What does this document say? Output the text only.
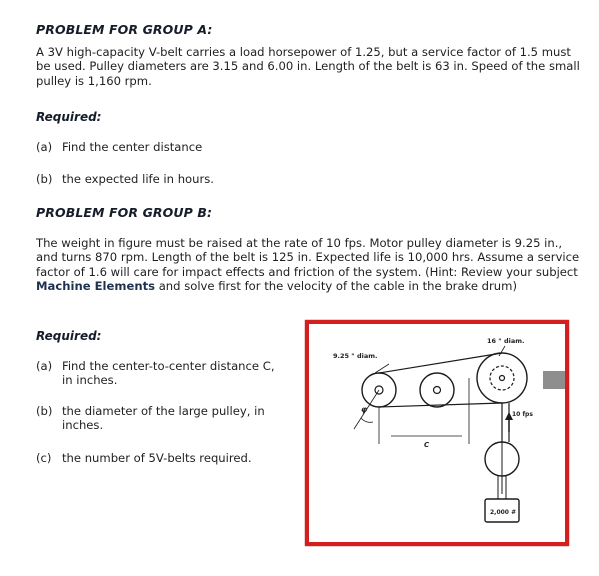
PROBLEM FOR GROUP A:

A 3V high-capacity V-belt carries a load horsepower of 1.25, but a service factor of 1.5 must be used. Pulley diameters are 3.15 and 6.00 in. Length of the belt is 63 in. Speed of the small pulley is 1,160 rpm.

Required:
(a) Find the center distance
(b) the expected life in hours.
PROBLEM FOR GROUP B:

The weight in figure must be raised at the rate of 10 fps. Motor pulley diameter is 9.25 in., and turns 870 rpm. Length of the belt is 125 in. Expected life is 10,000 hrs. Assume a service factor of 1.6 will care for impact effects and friction of the system. (Hint: Review your subject Machine Elements and solve first for the velocity of the cable in the brake drum)

Required:
(a) Find the center-to-center distance C,
in inches.
(b) the diameter of the large pulley, in
inches.
(c) the number of 5V-belts required.
9.25 " diam.
16 " diam.
C
φ
10 fps
2,000 #
